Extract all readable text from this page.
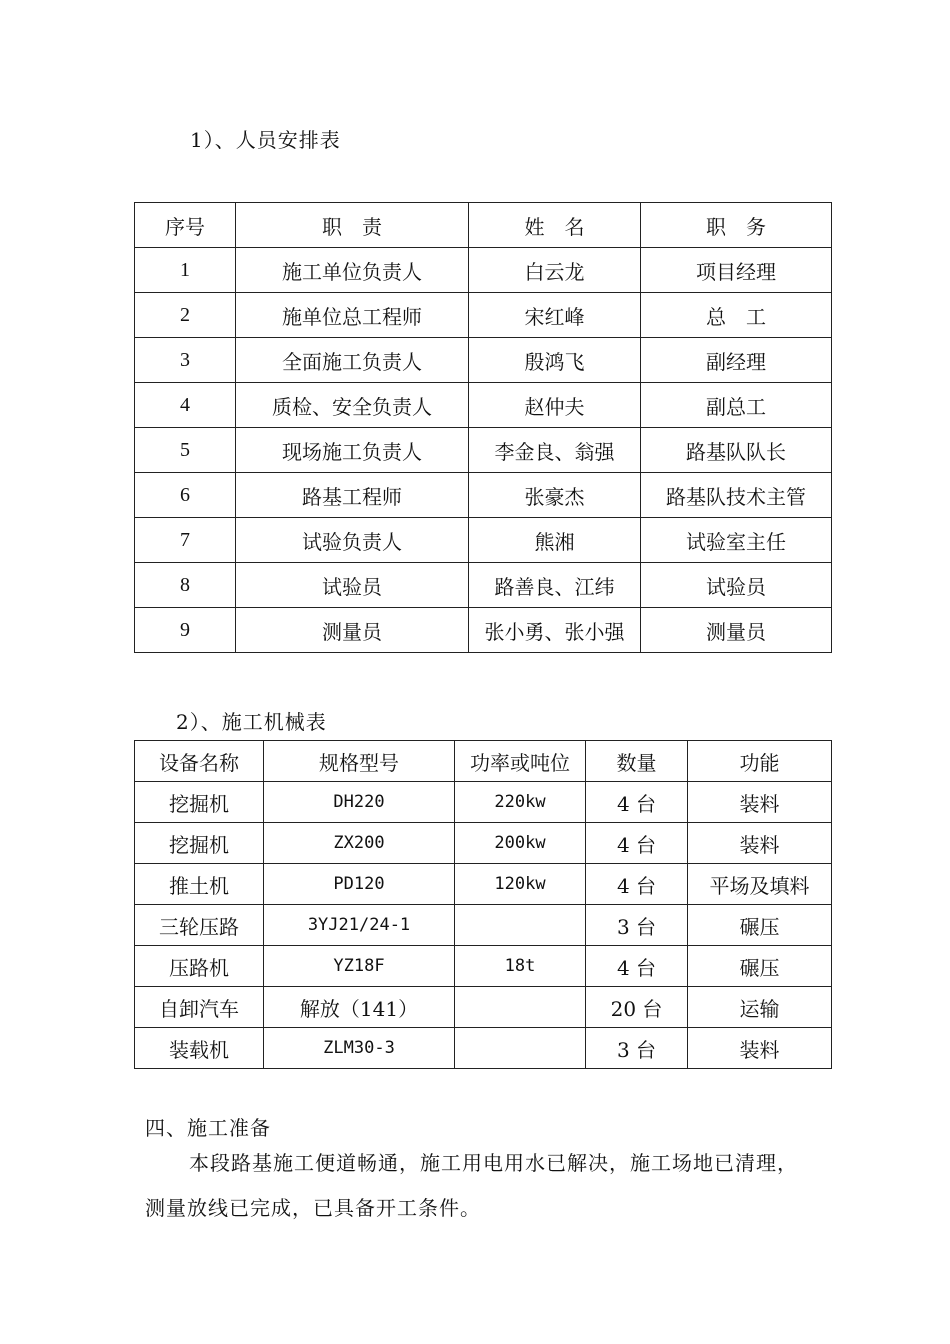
1）、人员安排表
序号	职　责	姓　名	职　务
1	施工单位负责人	白云龙	项目经理
2	施单位总工程师	宋红峰	总　工
3	全面施工负责人	殷鸿飞	副经理
4	质检、安全负责人	赵仲夫	副总工
5	现场施工负责人	李金良、翁强	路基队队长
6	路基工程师	张豪杰	路基队技术主管
7	试验负责人	熊湘	试验室主任
8	试验员	路善良、江纬	试验员
9	测量员	张小勇、张小强	测量员
2）、施工机械表
设备名称	规格型号	功率或吨位	数量	功能
挖掘机	DH220	220kw	4 台	装料
挖掘机	ZX200	200kw	4 台	装料
推土机	PD120	120kw	4 台	平场及填料
三轮压路	3YJ21/24-1		3 台	碾压
压路机	YZ18F	18t	4 台	碾压
自卸汽车	解放（141）		20 台	运输
装载机	ZLM30-3		3 台	装料
四、施工准备
本段路基施工便道畅通，施工用电用水已解决，施工场地已清理，
测量放线已完成，已具备开工条件。
